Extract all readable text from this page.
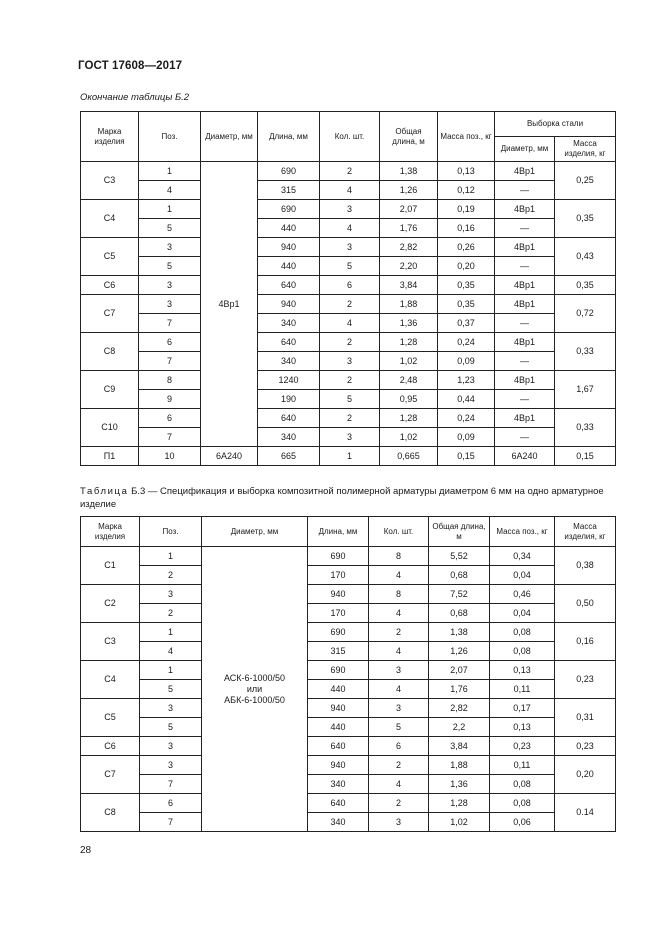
ГОСТ 17608—2017
Окончание таблицы Б.2
Марка изделия	Поз.	Диаметр, мм	Длина, мм	Кол. шт.	Общая длина, м	Масса поз., кг	Выборка стали	
							Диаметр, мм	Масса изделия, кг
С3	1	4Вр1	690	2	1,38	0,13	4Вр1	0,25
	4		315	4	1,26	0,12	—	
С4	1		690	3	2,07	0,19	4Вр1	0,35
	5		440	4	1,76	0,16	—	
С5	3		940	3	2,82	0,26	4Вр1	0,43
	5		440	5	2,20	0,20	—	
С6	3		640	6	3,84	0,35	4Вр1	0,35
С7	3		940	2	1,88	0,35	4Вр1	0,72
	7		340	4	1,36	0,37	—	
С8	6		640	2	1,28	0,24	4Вр1	0,33
	7		340	3	1,02	0,09	—	
С9	8		1240	2	2,48	1,23	4Вр1	1,67
	9		190	5	0,95	0,44	—	
С10	6		640	2	1,28	0,24	4Вр1	0,33
	7		340	3	1,02	0,09	—	
П1	10	6А240	665	1	0,665	0,15	6А240	0,15
Таблица Б.3 — Спецификация и выборка композитной полимерной арматуры диаметром 6 мм на одно арматурное изделие
Марка изделия	Поз.	Диаметр, мм	Длина, мм	Кол. шт.	Общая длина, м	Масса поз., кг	Масса изделия, кг
С1	1	АСК-6-1000/50
или
АБК-6-1000/50	690	8	5,52	0,34	0,38
	2		170	4	0,68	0,04	
С2	3		940	8	7,52	0,46	0,50
	2		170	4	0,68	0,04	
С3	1		690	2	1,38	0,08	0,16
	4		315	4	1,26	0,08	
С4	1		690	3	2,07	0,13	0,23
	5		440	4	1,76	0,11	
С5	3		940	3	2,82	0,17	0,31
	5		440	5	2,2	0,13	
С6	3		640	6	3,84	0,23	0,23
С7	3		940	2	1,88	0,11	0,20
	7		340	4	1,36	0,08	
С8	6		640	2	1,28	0,08	0.14
	7		340	3	1,02	0,06	
28
